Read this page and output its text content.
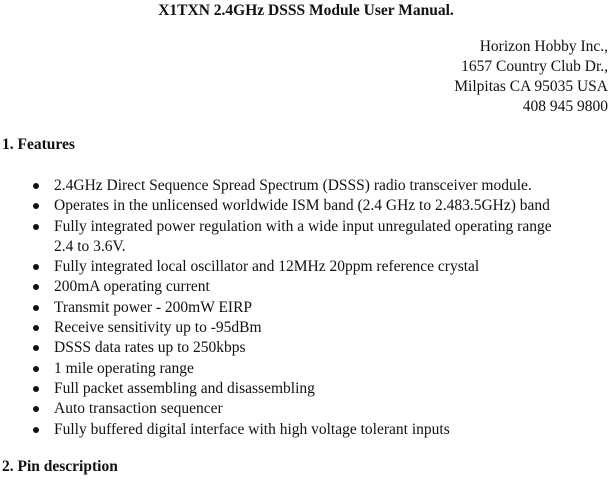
X1TXN 2.4GHz DSSS Module User Manual.
Horizon Hobby Inc.,
1657 Country Club Dr.,
Milpitas CA 95035 USA
408 945 9800
1. Features
2.4GHz Direct Sequence Spread Spectrum (DSSS) radio transceiver module.
Operates in the unlicensed worldwide ISM band (2.4 GHz to 2.483.5GHz) band
Fully integrated power regulation with a wide input unregulated operating range
2.4 to 3.6V.
Fully integrated local oscillator and 12MHz 20ppm reference crystal
200mA operating current
Transmit power - 200mW EIRP
Receive sensitivity up to -95dBm
DSSS data rates up to 250kbps
1 mile operating range
Full packet assembling and disassembling
Auto transaction sequencer
Fully buffered digital interface with high voltage tolerant inputs
2. Pin description
